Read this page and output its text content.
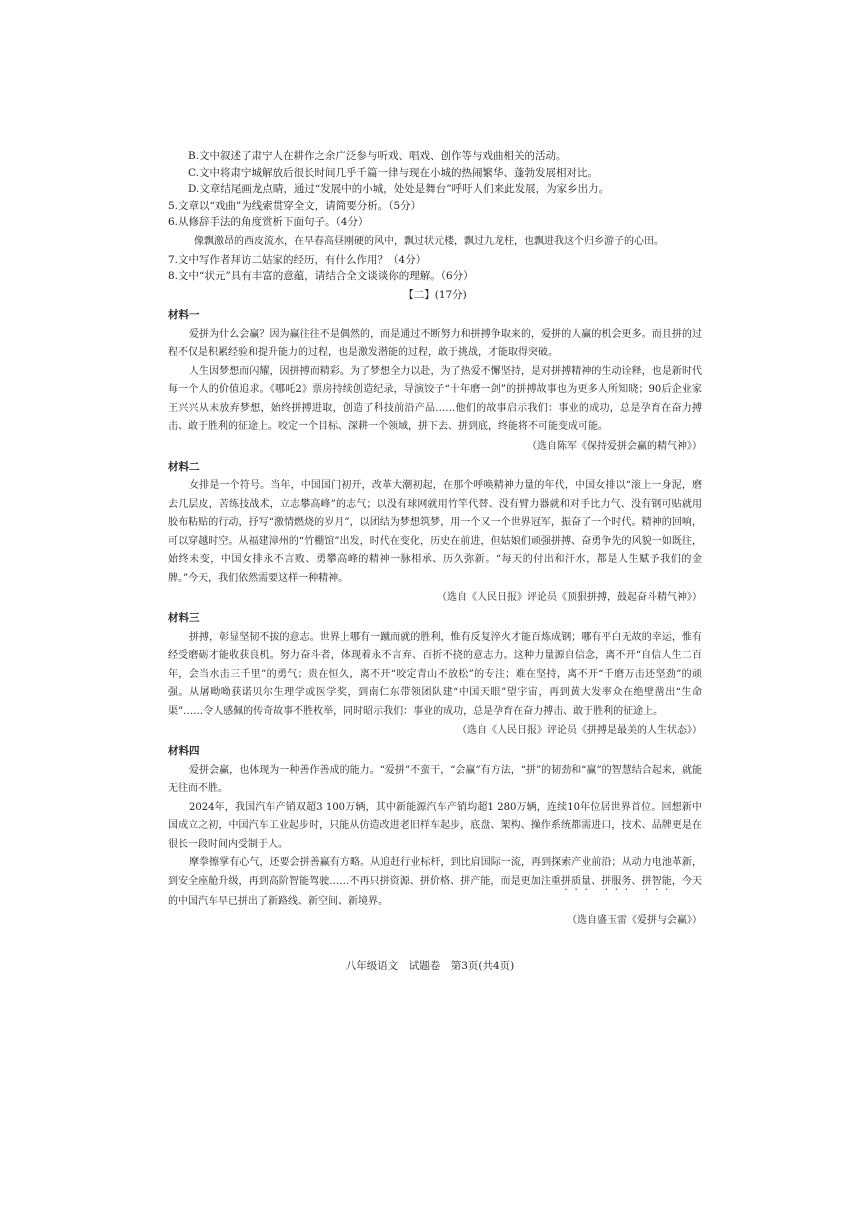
B.文中叙述了肃宁人在耕作之余广泛参与听戏、唱戏、创作等与戏曲相关的活动。

C.文中将肃宁城解放后很长时间几乎千篇一律与现在小城的热闹繁华、蓬勃发展相对比。

D.文章结尾画龙点睛，通过“发展中的小城，处处是舞台”呼吁人们来此发展，为家乡出力。

5.文章以“戏曲”为线索贯穿全文，请简要分析。（5分）

6.从修辞手法的角度赏析下面句子。（4分）

像飘激昂的西皮流水，在早春高昼刚硬的风中，飘过状元楼，飘过九龙柱，也飘进我这个归乡游子的心田。

7.文中写作者拜访二姑家的经历，有什么作用？（4分）

8.文中“状元”具有丰富的意蕴，请结合全文谈谈你的理解。（6分）

【二】(17分)

材料一

爱拼为什么会赢？因为赢往往不是偶然的，而是通过不断努力和拼搏争取来的，爱拼的人赢的机会更多。而且拼的过程不仅是积累经验和提升能力的过程，也是激发潜能的过程，敢于挑战，才能取得突破。

人生因梦想而闪耀，因拼搏而精彩。为了梦想全力以赴，为了热爱不懈坚持，是对拼搏精神的生动诠释，也是新时代每一个人的价值追求。《哪吒2》票房持续创造纪录，导演饺子“十年磨一剑”的拼搏故事也为更多人所知晓；90后企业家王兴兴从未放弃梦想，始终拼搏进取，创造了科技前沿产品……他们的故事启示我们：事业的成功，总是孕育在奋力搏击、敢于胜利的征途上。咬定一个目标、深耕一个领域，拼下去、拼到底，终能将不可能变成可能。

（选自陈军《保持爱拼会赢的精气神》）

材料二

女排是一个符号。当年，中国国门初开，改革大潮初起，在那个呼唤精神力量的年代，中国女排以“滚上一身泥，磨去几层皮，苦练技战术，立志攀高峰”的志气；以没有球网就用竹竿代替、没有臂力器就和对手比力气、没有钢可贴就用胶布粘贴的行动，抒写“激情燃烧的岁月”，以团结为梦想筑梦，用一个又一个世界冠军，振奋了一个时代。精神的回响，可以穿越时空。从福建漳州的“竹棚馆”出发，时代在变化，历史在前进，但姑娘们顽强拼搏、奋勇争先的风貌一如既往，始终未变，中国女排永不言败、勇攀高峰的精神一脉相承、历久弥新。“每天的付出和汗水，都是人生赋予我们的金牌。”今天，我们依然需要这样一种精神。

（选自《人民日报》评论员《顶狠拼搏，鼓起奋斗精气神》）

材料三

拼搏，彰显坚韧不拔的意志。世界上哪有一蹴而就的胜利，惟有反复淬火才能百炼成钢；哪有平白无故的幸运，惟有经受磨砺才能收获良机。努力奋斗者，体现着永不言弃、百折不挠的意志力。这种力量源自信念，离不开“自信人生二百年，会当水击三千里”的勇气；贵在恒久，离不开“咬定青山不放松”的专注；难在坚持，离不开“千磨万击还坚劲”的顽强。从屠呦呦获诺贝尔生理学或医学奖，到南仁东带领团队建“中国天眼”望宇宙，再到黄大发率众在绝壁凿出“生命渠”……令人感佩的传奇故事不胜枚举，同时昭示我们：事业的成功，总是孕育在奋力搏击、敢于胜利的征途上。

（选自《人民日报》评论员《拼搏是最美的人生状态》）

材料四

爱拼会赢，也体现为一种善作善成的能力。“爱拼”不蛮干，“会赢”有方法，“拼”的韧劲和“赢”的智慧结合起来，就能无往而不胜。

2024年，我国汽车产销双超3 100万辆，其中新能源汽车产销均超1 280万辆，连续10年位居世界首位。回想新中国成立之初，中国汽车工业起步时，只能从仿造改进老旧样车起步，底盘、架构、操作系统都需进口，技术、品牌更是在很长一段时间内受制于人。

摩拳擦掌有心气，还要会拼善赢有方略。从追赶行业标杆，到比肩国际一流，再到探索产业前沿；从动力电池革新，到安全座舱升级，再到高阶智能驾驶……不再只拼资源、拼价格、拼产能，而是更加注重拼质量、拼服务、拼智能，今天的中国汽车早已拼出了新路线、新空间、新境界。

（选自盛玉雷《爱拼与会赢》）

八年级语文　试题卷　第3页(共4页)
